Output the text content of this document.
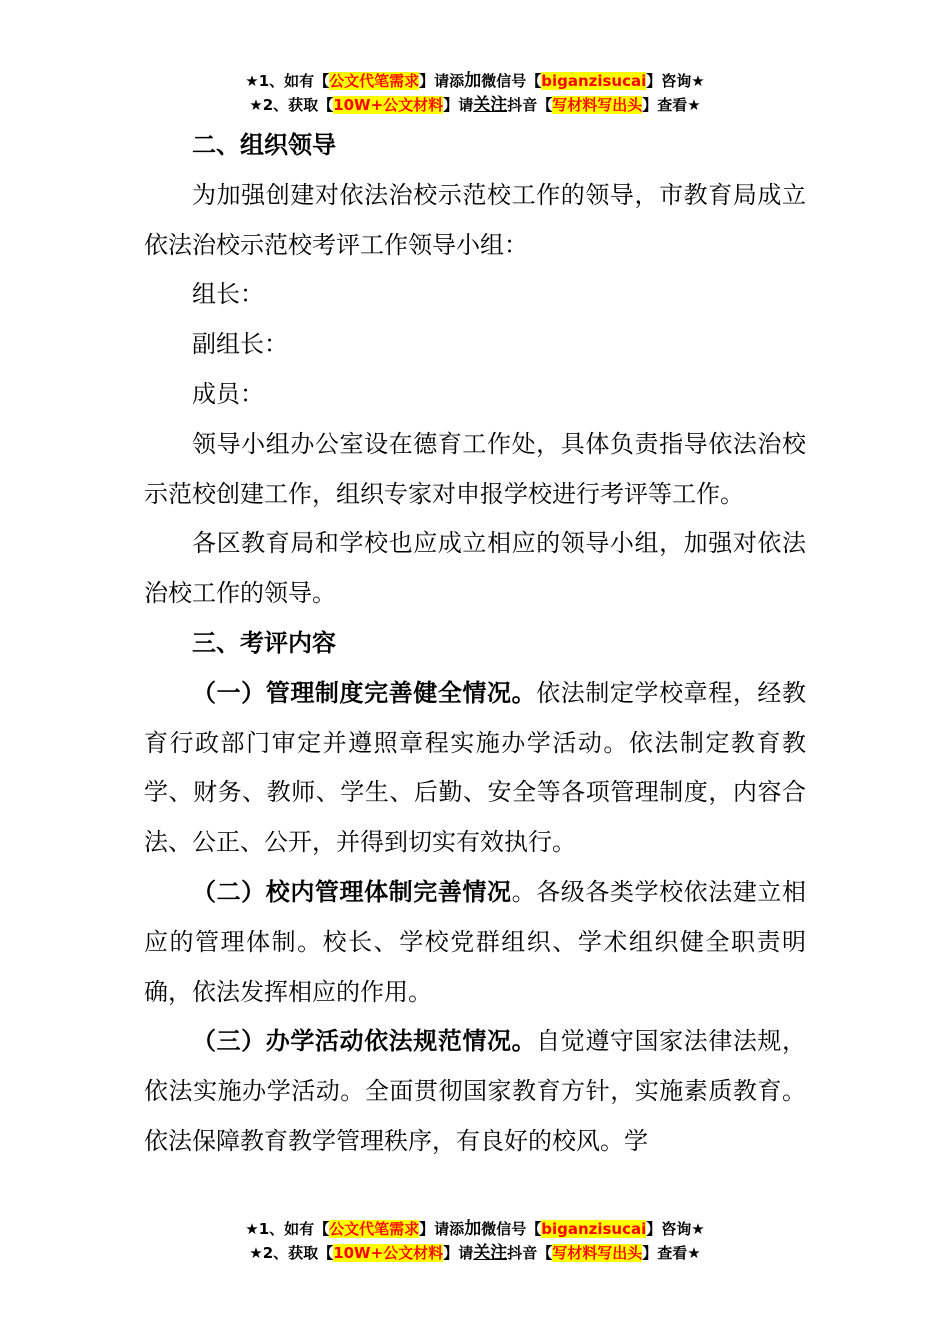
★1、如有【公文代笔需求】请添加微信号【biganzisucai】咨询★
★2、获取【10W+公文材料】请关注抖音【写材料写出头】查看★

二、组织领导

为加强创建对依法治校示范校工作的领导，市教育局成立依法治校示范校考评工作领导小组：

组长：

副组长：

成员：

领导小组办公室设在德育工作处，具体负责指导依法治校示范校创建工作，组织专家对申报学校进行考评等工作。

各区教育局和学校也应成立相应的领导小组，加强对依法治校工作的领导。

三、考评内容

（一）管理制度完善健全情况。依法制定学校章程，经教育行政部门审定并遵照章程实施办学活动。依法制定教育教学、财务、教师、学生、后勤、安全等各项管理制度，内容合法、公正、公开，并得到切实有效执行。

（二）校内管理体制完善情况。各级各类学校依法建立相应的管理体制。校长、学校党群组织、学术组织健全职责明确，依法发挥相应的作用。

（三）办学活动依法规范情况。自觉遵守国家法律法规，依法实施办学活动。全面贯彻国家教育方针，实施素质教育。依法保障教育教学管理秩序，有良好的校风。学

★1、如有【公文代笔需求】请添加微信号【biganzisucai】咨询★
★2、获取【10W+公文材料】请关注抖音【写材料写出头】查看★
